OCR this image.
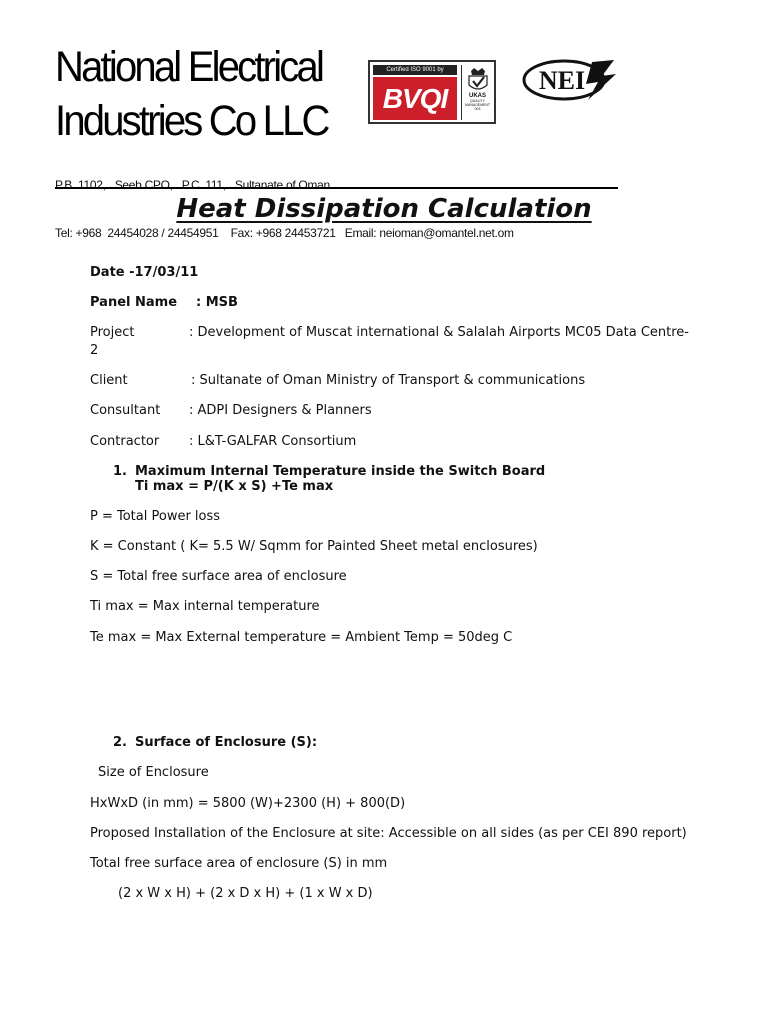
National Electrical
Industries Co LLC
Certified ISO 9001 by
BVQI	UKAS
QUALITY MANAGEMENT
003
NEI

P.B. 1102,   Seeb CPO,   P.C. 111,   Sultanate of Oman

Tel: +968  24454028 / 24454951    Fax: +968 24453721   Email: neioman@omantel.net.om

Heat Dissipation Calculation
Date -17/03/11
Panel Name : MSB
Project	: Development of Muscat international & Salalah Airports MC05 Data Centre-
2
Client	: Sultanate of Oman Ministry of Transport & communications
Consultant : ADPI Designers & Planners
Contractor : L&T-GALFAR Consortium
1. Maximum Internal Temperature inside the Switch Board
Ti max = P/(K x S) +Te max
P = Total Power loss
K = Constant ( K= 5.5 W/ Sqmm for Painted Sheet metal enclosures)
S = Total free surface area of enclosure
Ti max = Max internal temperature
Te max = Max External temperature = Ambient Temp = 50deg C
2. Surface of Enclosure (S):
Size of Enclosure
HxWxD (in mm) = 5800 (W)+2300 (H) + 800(D)
Proposed Installation of the Enclosure at site: Accessible on all sides (as per CEI 890 report)
Total free surface area of enclosure (S) in mm
(2 x W x H) + (2 x D x H) + (1 x W x D)
